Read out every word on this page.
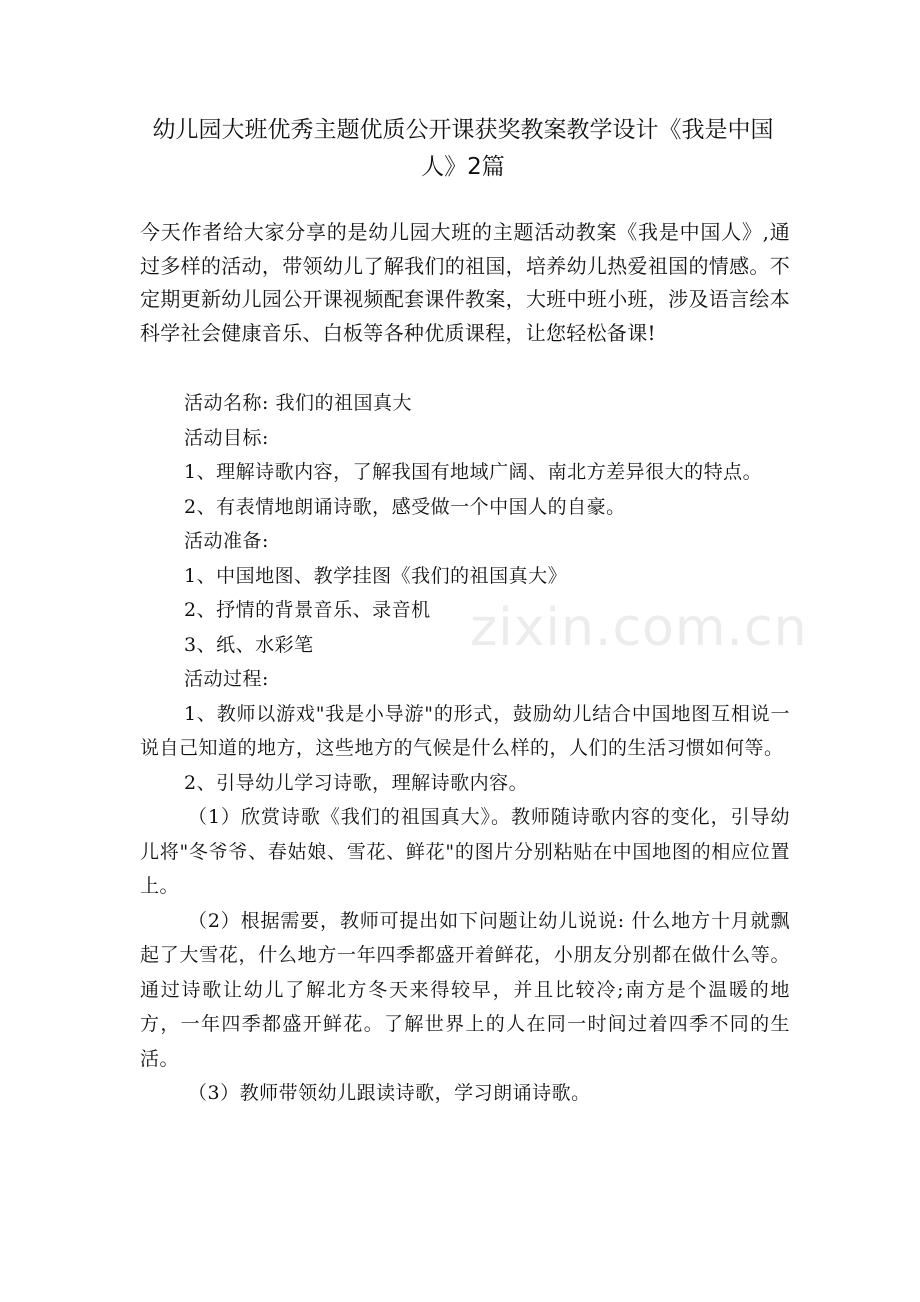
幼儿园大班优秀主题优质公开课获奖教案教学设计《我是中国人》2篇

今天作者给大家分享的是幼儿园大班的主题活动教案《我是中国人》,通过多样的活动，带领幼儿了解我们的祖国，培养幼儿热爱祖国的情感。不定期更新幼儿园公开课视频配套课件教案，大班中班小班，涉及语言绘本科学社会健康音乐、白板等各种优质课程，让您轻松备课!

活动名称: 我们的祖国真大

活动目标:

1、理解诗歌内容，了解我国有地域广阔、南北方差异很大的特点。

2、有表情地朗诵诗歌，感受做一个中国人的自豪。

活动准备:

1、中国地图、教学挂图《我们的祖国真大》

2、抒情的背景音乐、录音机

3、纸、水彩笔

活动过程:

1、教师以游戏"我是小导游"的形式，鼓励幼儿结合中国地图互相说一说自己知道的地方，这些地方的气候是什么样的，人们的生活习惯如何等。

2、引导幼儿学习诗歌，理解诗歌内容。

（1）欣赏诗歌《我们的祖国真大》。教师随诗歌内容的变化，引导幼儿将"冬爷爷、春姑娘、雪花、鲜花"的图片分别粘贴在中国地图的相应位置上。

（2）根据需要，教师可提出如下问题让幼儿说说: 什么地方十月就飘起了大雪花，什么地方一年四季都盛开着鲜花，小朋友分别都在做什么等。通过诗歌让幼儿了解北方冬天来得较早，并且比较冷;南方是个温暖的地方，一年四季都盛开鲜花。了解世界上的人在同一时间过着四季不同的生活。

（3）教师带领幼儿跟读诗歌，学习朗诵诗歌。

zixin.com.cn
